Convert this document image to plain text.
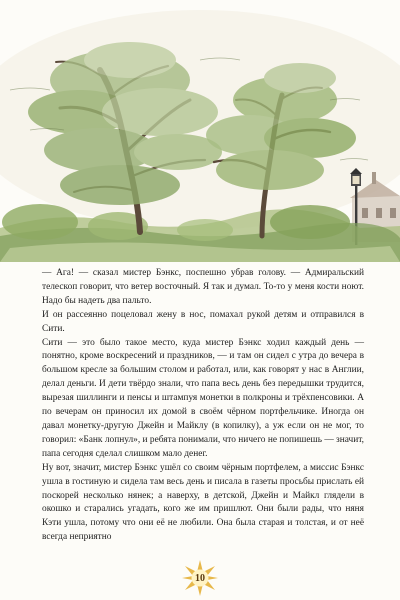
— Ага! — сказал мистер Бэнкс, поспешно убрав голову. — Адмиральский телескоп говорит, что ветер восточный. Я так и думал. То-то у меня кости ноют. Надо бы надеть два пальто.

И он рассеянно поцеловал жену в нос, помахал рукой детям и отправился в Сити.

Сити — это было такое место, куда мистер Бэнкс ходил каждый день — понятно, кроме воскресений и праздников, — и там он сидел с утра до вечера в большом кресле за большим столом и работал, или, как говорят у нас в Англии, делал деньги. И дети твёрдо знали, что папа весь день без передышки трудится, вырезая шиллинги и пенсы и штампуя монетки в полкроны и трёхпенсовики. А по вечерам он приносил их домой в своём чёрном портфельчике. Иногда он давал монетку-другую Джейн и Майклу (в копилку), а уж если он не мог, то говорил: «Банк лопнул», и ребята понимали, что ничего не попишешь — значит, папа сегодня сделал слишком мало денег.

Ну вот, значит, мистер Бэнкс ушёл со своим чёрным портфелем, а миссис Бэнкс ушла в гостиную и сидела там весь день и писала в газеты просьбы прислать ей поскорей несколько нянек; а наверху, в детской, Джейн и Майкл глядели в окошко и старались угадать, кого же им пришлют. Они были рады, что няня Кэти ушла, потому что они её не любили. Она была старая и толстая, и от неё всегда неприятно

10
